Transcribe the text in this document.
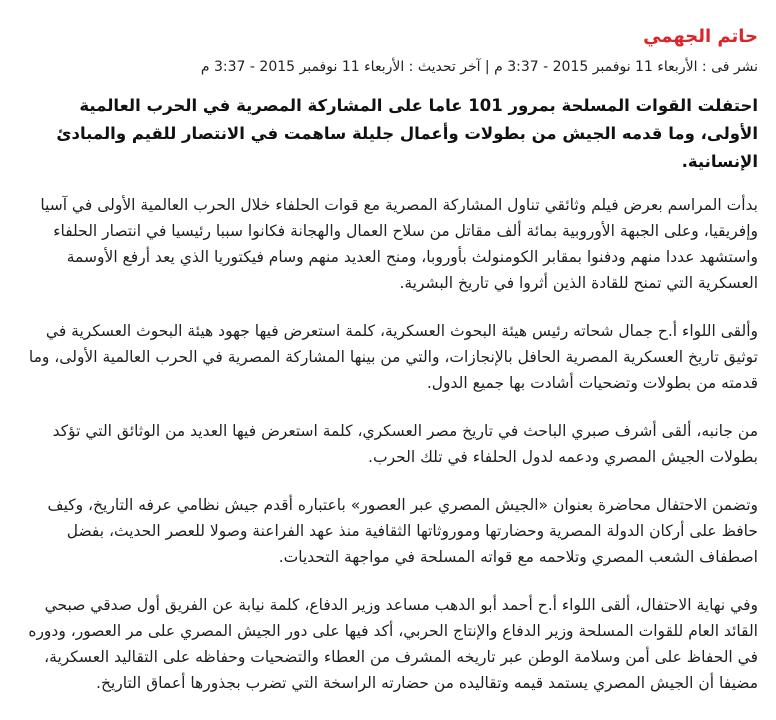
حاتم الجهمي
نشر فى : الأربعاء 11 نوفمبر 2015 - 3:37 م | آخر تحديث : الأربعاء 11 نوفمبر 2015 - 3:37 م

احتفلت القوات المسلحة بمرور 101 عاما على المشاركة المصرية في الحرب العالمية الأولى، وما قدمه الجيش من بطولات وأعمال جليلة ساهمت في الانتصار للقيم والمبادئ الإنسانية.

بدأت المراسم بعرض فيلم وثائقي تناول المشاركة المصرية مع قوات الحلفاء خلال الحرب العالمية الأولى في آسيا وإفريقيا، وعلى الجبهة الأوروبية بمائة ألف مقاتل من سلاح العمال والهجانة فكانوا سببا رئيسيا في انتصار الحلفاء واستشهد عددا منهم ودفنوا بمقابر الكومنولث بأوروبا، ومنح العديد منهم وسام فيكتوريا الذي يعد أرفع الأوسمة العسكرية التي تمنح للقادة الذين أثروا في تاريخ البشرية.

وألقى اللواء أ.ح جمال شحاته رئيس هيئة البحوث العسكرية، كلمة استعرض فيها جهود هيئة البحوث العسكرية في توثيق تاريخ العسكرية المصرية الحافل بالإنجازات، والتي من بينها المشاركة المصرية في الحرب العالمية الأولى، وما قدمته من بطولات وتضحيات أشادت بها جميع الدول.

من جانبه، ألقى أشرف صبري الباحث في تاريخ مصر العسكري، كلمة استعرض فيها العديد من الوثائق التي تؤكد بطولات الجيش المصري ودعمه لدول الحلفاء في تلك الحرب.

وتضمن الاحتفال محاضرة بعنوان «الجيش المصري عبر العصور» باعتباره أقدم جيش نظامي عرفه التاريخ، وكيف حافظ على أركان الدولة المصرية وحضارتها وموروثاتها الثقافية منذ عهد الفراعنة وصولا للعصر الحديث، بفضل اصطفاف الشعب المصري وتلاحمه مع قواته المسلحة في مواجهة التحديات.

وفي نهاية الاحتفال، ألقى اللواء أ.ح أحمد أبو الدهب مساعد وزير الدفاع، كلمة نيابة عن الفريق أول صدقي صبحي القائد العام للقوات المسلحة وزير الدفاع والإنتاج الحربي، أكد فيها على دور الجيش المصري على مر العصور، ودوره في الحفاظ على أمن وسلامة الوطن عبر تاريخه المشرف من العطاء والتضحيات وحفاظه على التقاليد العسكرية، مضيفا أن الجيش المصري يستمد قيمه وتقاليده من حضارته الراسخة التي تضرب بجذورها أعماق التاريخ.
